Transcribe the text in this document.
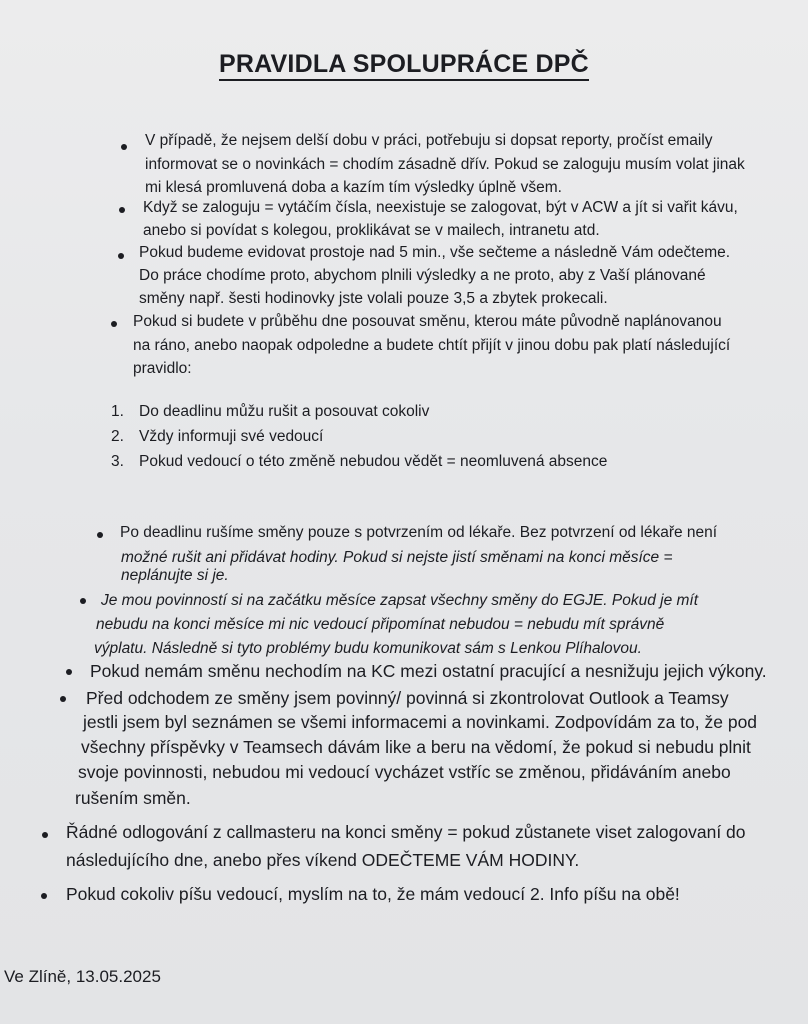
PRAVIDLA SPOLUPRÁCE DPČ
V případě, že nejsem delší dobu v práci, potřebuju si dopsat reporty, pročíst emaily
informovat se o novinkách = chodím zásadně dřív. Pokud se zaloguju musím volat jinak
mi klesá promluvená doba a kazím tím výsledky úplně všem.
Když se zaloguju = vytáčím čísla, neexistuje se zalogovat, být v ACW a jít si vařit kávu,
anebo si povídat s kolegou, proklikávat se v mailech, intranetu atd.
Pokud budeme evidovat prostoje nad 5 min., vše sečteme a následně Vám odečteme.
Do práce chodíme proto, abychom plnili výsledky a ne proto, aby z Vaší plánované
směny např. šesti hodinovky jste volali pouze 3,5 a zbytek prokecali.
Pokud si budete v průběhu dne posouvat směnu, kterou máte původně naplánovanou
na ráno, anebo naopak odpoledne a budete chtít přijít v jinou dobu pak platí následující
pravidlo:
1. Do deadlinu můžu rušit a posouvat cokoliv
2. Vždy informuji své vedoucí
3. Pokud vedoucí o této změně nebudou vědět = neomluvená absence
Po deadlinu rušíme směny pouze s potvrzením od lékaře. Bez potvrzení od lékaře není
možné rušit ani přidávat hodiny. Pokud si nejste jistí směnami na konci měsíce =
neplánujte si je.
Je mou povinností si na začátku měsíce zapsat všechny směny do EGJE. Pokud je mít
nebudu na konci měsíce mi nic vedoucí připomínat nebudou = nebudu mít správně
výplatu. Následně si tyto problémy budu komunikovat sám s Lenkou Plíhalovou.
Pokud nemám směnu nechodím na KC mezi ostatní pracující a nesnižuju jejich výkony.
Před odchodem ze směny jsem povinný/ povinná si zkontrolovat Outlook a Teamsy
jestli jsem byl seznámen se všemi informacemi a novinkami. Zodpovídám za to, že pod
všechny příspěvky v Teamsech dávám like a beru na vědomí, že pokud si nebudu plnit
svoje povinnosti, nebudou mi vedoucí vycházet vstříc se změnou, přidáváním anebo
rušením směn.
Řádné odlogování z callmasteru na konci směny = pokud zůstanete viset zalogovaní do
následujícího dne, anebo přes víkend ODEČTEME VÁM HODINY.
Pokud cokoliv píšu vedoucí, myslím na to, že mám vedoucí 2. Info píšu na obě!
Ve Zlíně, 13.05.2025
